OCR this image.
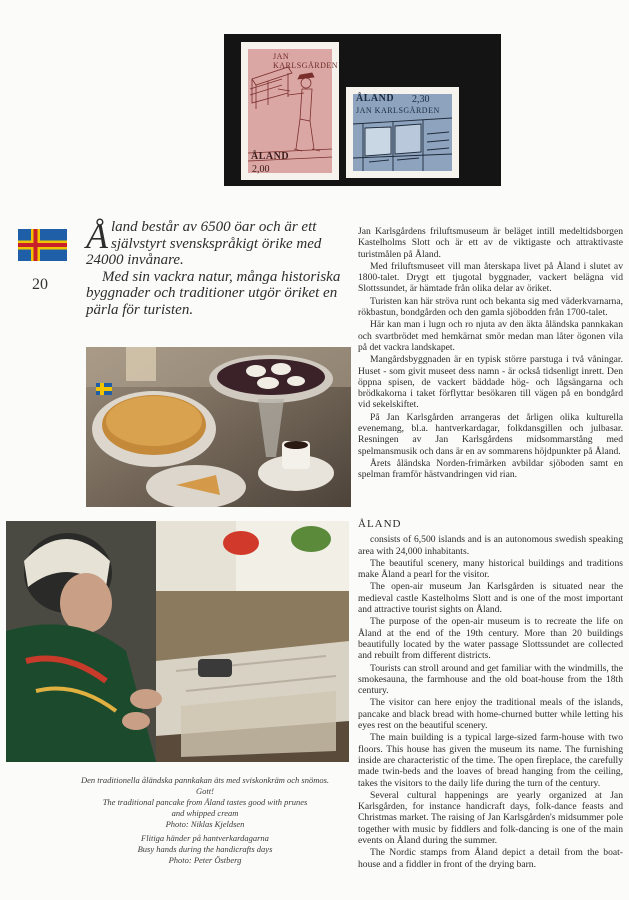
JAN KARLSGÅRDEN
ÅLAND
2,00
ÅLAND 2,30
JAN KARLSGÅRDEN
20

Åland består av 6500 öar och är ett självstyrt svenskspråkigt örike med 24000 invånare.

Med sin vackra natur, många historiska byggnader och traditioner utgör öriket en pärla för turisten.

Den traditionella åländska pannkakan äts med sviskonkräm och snömos.

Gott!

The traditional pancake from Åland tastes good with prunes

and whipped cream

Photo: Niklas Kjeldsen

Flitiga händer på hantverkardagarna

Busy hands during the handicrafts days

Photo: Peter Östberg

Jan Karlsgårdens friluftsmuseum är beläget intill medeltidsborgen Kastelholms Slott och är ett av de viktigaste och attraktivaste turistmålen på Åland.

Med friluftsmuseet vill man återskapa livet på Åland i slutet av 1800-talet. Drygt ett tjugotal byggnader, vackert belägna vid Slottssundet, är hämtade från olika delar av öriket.

Turisten kan här ströva runt och bekanta sig med väderkvarnarna, rökbastun, bondgården och den gamla sjöbodden från 1700-talet.

Här kan man i lugn och ro njuta av den äkta åländska pannkakan och svartbrödet med hemkärnat smör medan man låter ögonen vila på det vackra landskapet.

Mangårdsbyggnaden är en typisk större parstuga i två våningar. Huset - som givit museet dess namn - är också tidsenligt inrett. Den öppna spisen, de vackert bäddade hög- och lågsängarna och brödkakorna i taket förflyttar besökaren till vägen på en bondgård vid sekelskiftet.

På Jan Karlsgården arrangeras det årligen olika kulturella evenemang, bl.a. hantverkardagar, folkdansgillen och julbasar. Resningen av Jan Karlsgårdens midsommarstång med spelmansmusik och dans är en av sommarens höjdpunkter på Åland.

Årets åländska Norden-frimärken avbildar sjöboden samt en spelman framför hästvandringen vid rian.

ÅLAND

consists of 6,500 islands and is an autonomous swedish speaking area with 24,000 inhabitants.

The beautiful scenery, many historical buildings and traditions make Åland a pearl for the visitor.

The open-air museum Jan Karlsgården is situated near the medieval castle Kastelholms Slott and is one of the most important and attractive tourist sights on Åland.

The purpose of the open-air museum is to recreate the life on Åland at the end of the 19th century. More than 20 buildings beautifully located by the water passage Slottssundet are collected and rebuilt from different districts.

Tourists can stroll around and get familiar with the windmills, the smokesauna, the farmhouse and the old boat-house from the 18th century.

The visitor can here enjoy the traditional meals of the islands, pancake and black bread with home-churned butter while letting his eyes rest on the beautiful scenery.

The main building is a typical large-sized farm-house with two floors. This house has given the museum its name. The furnishing inside are characteristic of the time. The open fireplace, the carefully made twin-beds and the loaves of bread hanging from the ceiling, takes the visitors to the daily life during the turn of the century.

Several cultural happenings are yearly organized at Jan Karlsgården, for instance handicraft days, folk-dance feasts and Christmas market. The raising of Jan Karlsgården's midsummer pole together with music by fiddlers and folk-dancing is one of the main events on Åland during the summer.

The Nordic stamps from Åland depict a detail from the boat-house and a fiddler in front of the drying barn.
